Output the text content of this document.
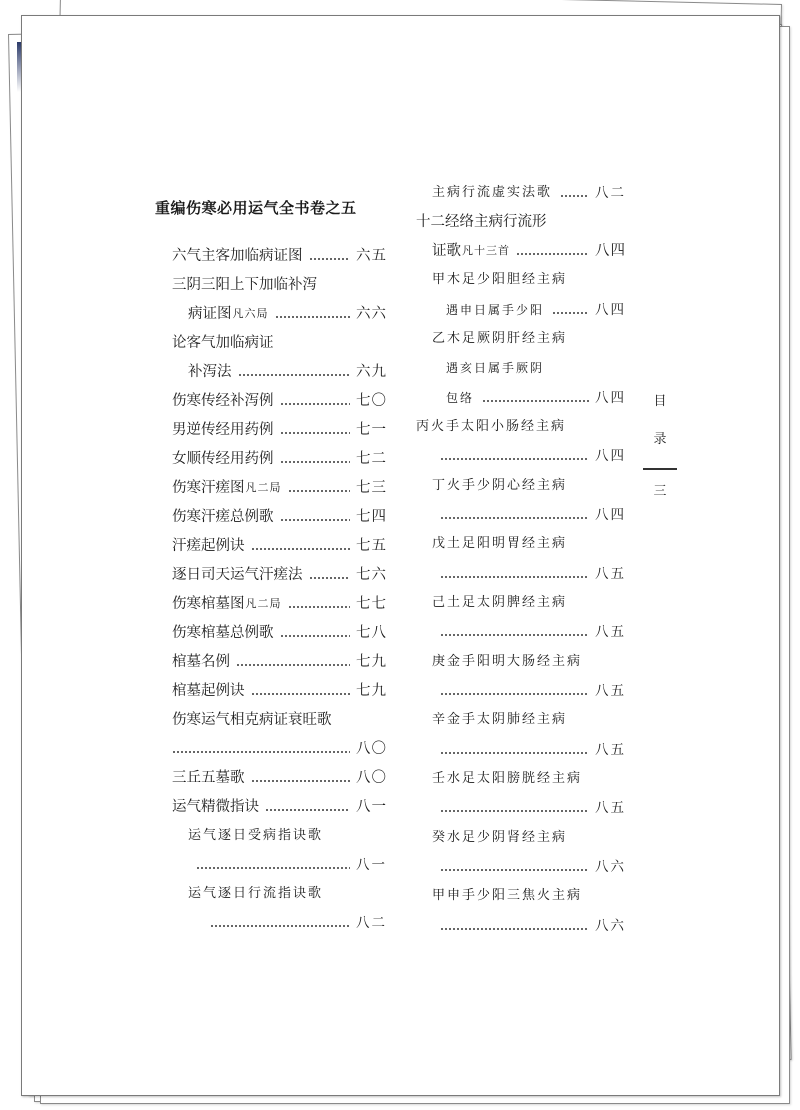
六气主客加临病证图	六五
三阴三阳上下加临补泻
病证图 凡六局	六六
论客气加临病证
补泻法	六九
伤寒传经补泻例	七〇
男逆传经用药例	七一
女顺传经用药例	七二
伤寒汗瘥图 凡二局	七三
伤寒汗瘥总例歌	七四
汗瘥起例诀	七五
逐日司天运气汗瘥法	七六
伤寒棺墓图 凡二局	七七
伤寒棺墓总例歌	七八
棺墓名例	七九
棺墓起例诀	七九
伤寒运气相克病证衰旺歌
八〇
三丘五墓歌	八〇
运气精微指诀	八一
运气逐日受病指诀歌
八一
运气逐日行流指诀歌
八二
主病行流虚实法歌	八二
十二经络主病行流形
证歌 凡十三首	八四
甲木足少阳胆经主病
遇申日属手少阳	八四
乙木足厥阴肝经主病
遇亥日属手厥阴
包络	八四
丙火手太阳小肠经主病
八四
丁火手少阴心经主病
八四
戊土足阳明胃经主病
八五
己土足太阴脾经主病
八五
庚金手阳明大肠经主病
八五
辛金手太阴肺经主病
八五
壬水足太阳膀胱经主病
八五
癸水足少阴肾经主病
八六
甲申手少阳三焦火主病
八六
重编伤寒必用运气全书卷之五
目
录
三
